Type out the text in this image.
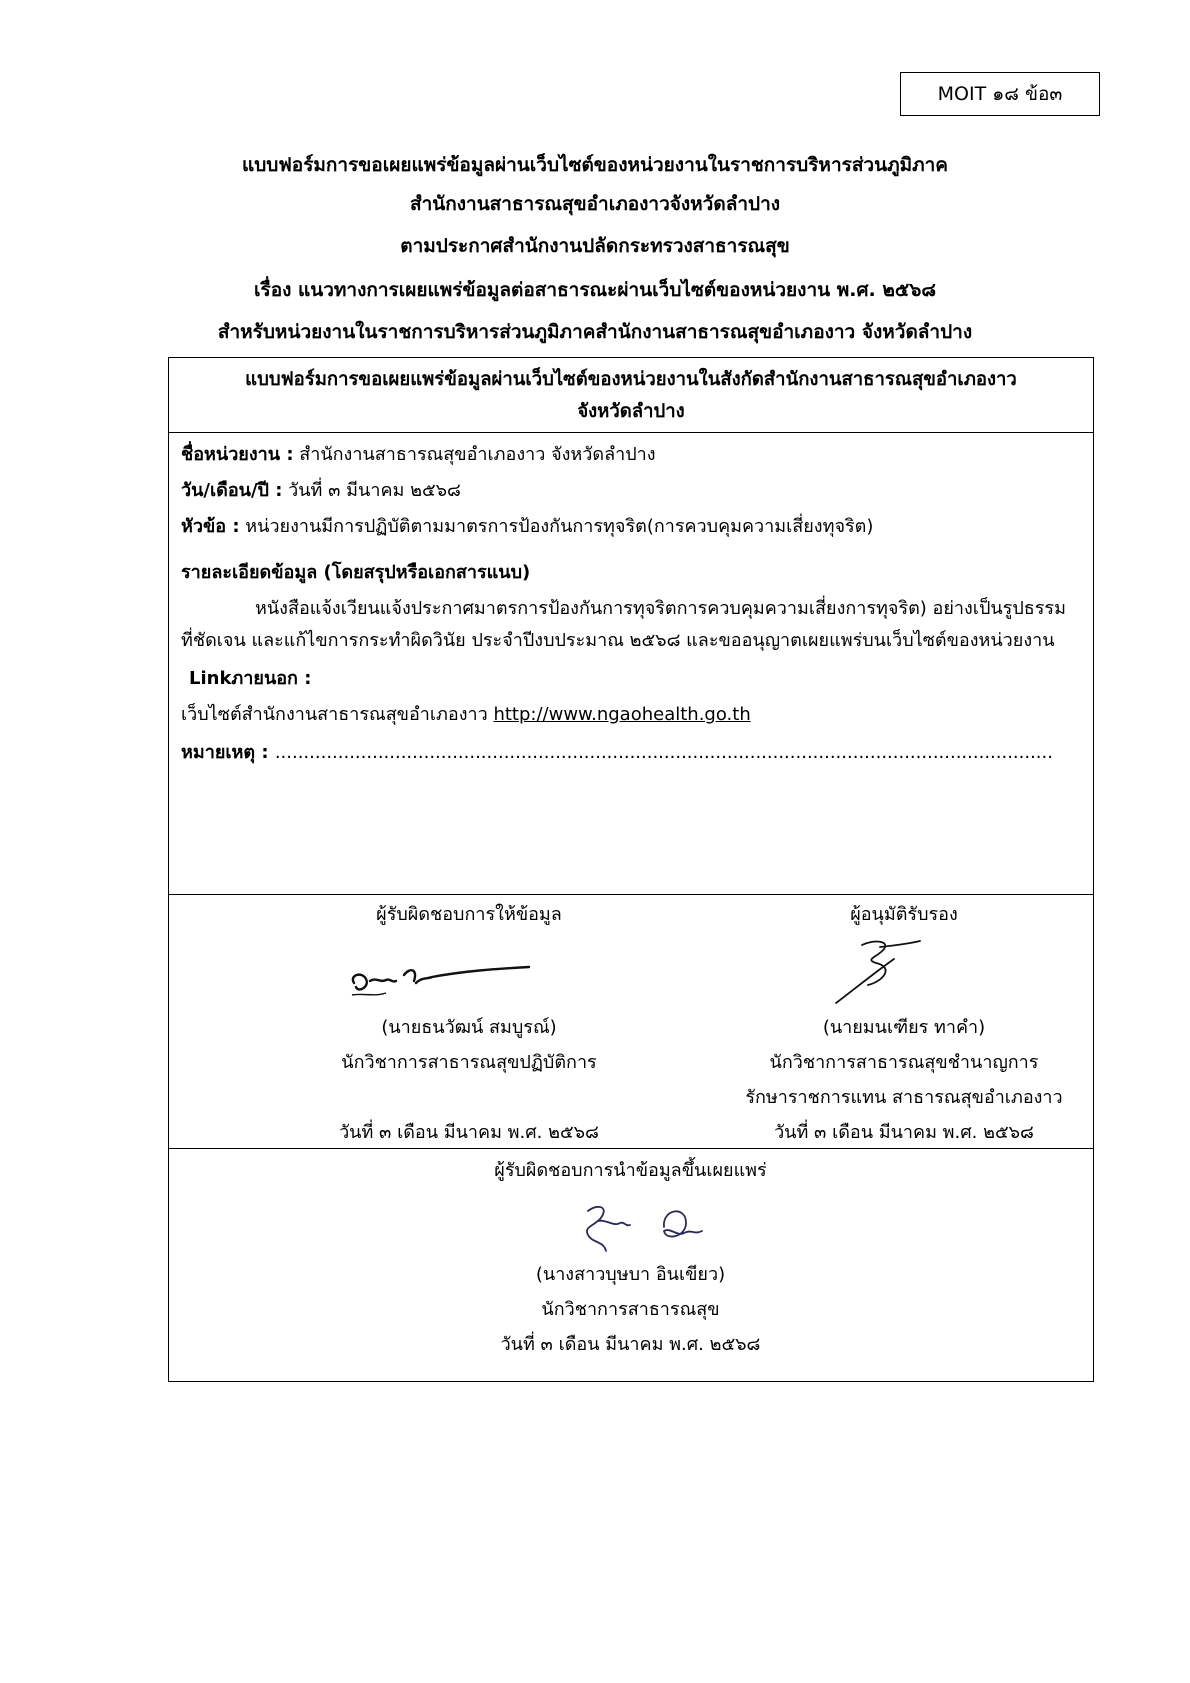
MOIT ๑๘ ข้อ๓
แบบฟอร์มการขอเผยแพร่ข้อมูลผ่านเว็บไซต์ของหน่วยงานในราชการบริหารส่วนภูมิภาค
สำนักงานสาธารณสุขอำเภองาวจังหวัดลำปาง
ตามประกาศสำนักงานปลัดกระทรวงสาธารณสุข
เรื่อง แนวทางการเผยแพร่ข้อมูลต่อสาธารณะผ่านเว็บไซต์ของหน่วยงาน พ.ศ. ๒๕๖๘
สำหรับหน่วยงานในราชการบริหารส่วนภูมิภาคสำนักงานสาธารณสุขอำเภองาว จังหวัดลำปาง
แบบฟอร์มการขอเผยแพร่ข้อมูลผ่านเว็บไซต์ของหน่วยงานในสังกัดสำนักงานสาธารณสุขอำเภองาว
จังหวัดลำปาง
ชื่อหน่วยงาน : สำนักงานสาธารณสุขอำเภองาว จังหวัดลำปาง
วัน/เดือน/ปี : วันที่ ๓ มีนาคม ๒๕๖๘
หัวข้อ : หน่วยงานมีการปฏิบัติตามมาตรการป้องกันการทุจริต(การควบคุมความเสี่ยงทุจริต)
รายละเอียดข้อมูล (โดยสรุปหรือเอกสารแนบ)
หนังสือแจ้งเวียนแจ้งประกาศมาตรการป้องกันการทุจริตการควบคุมความเสี่ยงการทุจริต) อย่างเป็นรูปธรรม ที่ชัดเจน และแก้ไขการกระทำผิดวินัย ประจำปีงบประมาณ ๒๕๖๘ และขออนุญาตเผยแพร่บนเว็บไซต์ของหน่วยงาน
Linkภายนอก :
เว็บไซต์สำนักงานสาธารณสุขอำเภองาว http://www.ngaohealth.go.th
หมายเหตุ : ........................................................................................................................................
ผู้รับผิดชอบการให้ข้อมูล
(นายธนวัฒน์ สมบูรณ์)
นักวิชาการสาธารณสุขปฏิบัติการ
วันที่ ๓ เดือน มีนาคม พ.ศ. ๒๕๖๘
ผู้อนุมัติรับรอง
(นายมนเฑียร ทาคำ)
นักวิชาการสาธารณสุขชำนาญการ
รักษาราชการแทน สาธารณสุขอำเภองาว
วันที่ ๓ เดือน มีนาคม พ.ศ. ๒๕๖๘
ผู้รับผิดชอบการนำข้อมูลขึ้นเผยแพร่
(นางสาวบุษบา อินเขียว)
นักวิชาการสาธารณสุข
วันที่ ๓ เดือน มีนาคม พ.ศ. ๒๕๖๘
